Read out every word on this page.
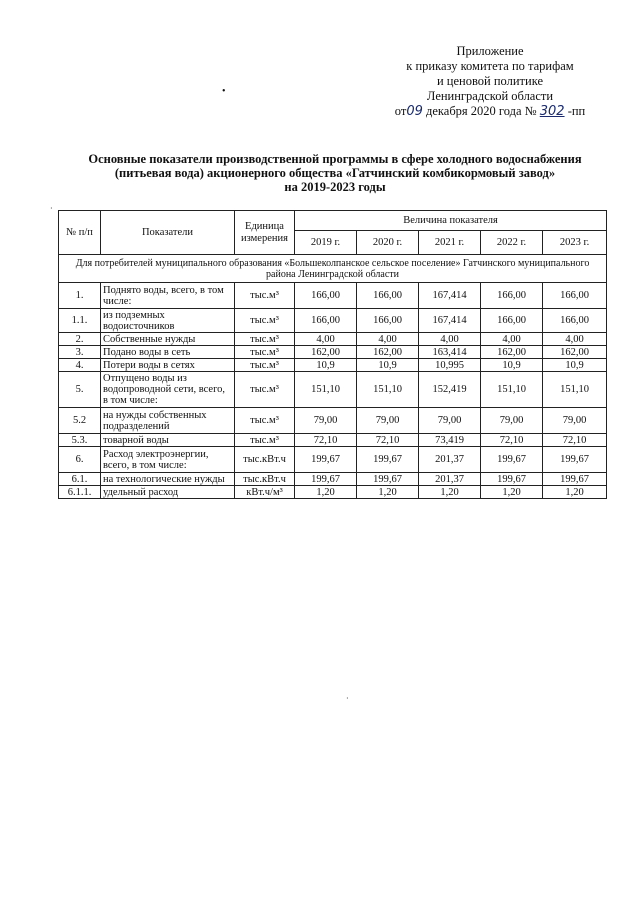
Приложение
к приказу комитета по тарифам
и ценовой политике
Ленинградской области
от09 декабря 2020 года № 302 -пп
•
Основные показатели производственной программы в сфере холодного водоснабжения
(питьевая вода) акционерного общества «Гатчинский комбикормовый завод»
на 2019-2023 годы
·
№ п/п	Показатели	Единица измерения	Величина показателя				
			2019 г.	2020 г.	2021 г.	2022 г.	2023 г.
Для потребителей муниципального образования «Большеколпанское сельское поселение» Гатчинского муниципального района Ленинградской области							
1.	Поднято воды, всего, в том числе:	тыс.м³	166,00	166,00	167,414	166,00	166,00
1.1.	из подземных водоисточников	тыс.м³	166,00	166,00	167,414	166,00	166,00
2.	Собственные нужды	тыс.м³	4,00	4,00	4,00	4,00	4,00
3.	Подано воды в сеть	тыс.м³	162,00	162,00	163,414	162,00	162,00
4.	Потери воды в сетях	тыс.м³	10,9	10,9	10,995	10,9	10,9
5.	Отпущено воды из водопроводной сети, всего, в том числе:	тыс.м³	151,10	151,10	152,419	151,10	151,10
5.2	на нужды собственных подразделений	тыс.м³	79,00	79,00	79,00	79,00	79,00
5.3.	товарной воды	тыс.м³	72,10	72,10	73,419	72,10	72,10
6.	Расход электроэнергии, всего, в том числе:	тыс.кВт.ч	199,67	199,67	201,37	199,67	199,67
6.1.	на технологические нужды	тыс.кВт.ч	199,67	199,67	201,37	199,67	199,67
6.1.1.	удельный расход	кВт.ч/м³	1,20	1,20	1,20	1,20	1,20
·
